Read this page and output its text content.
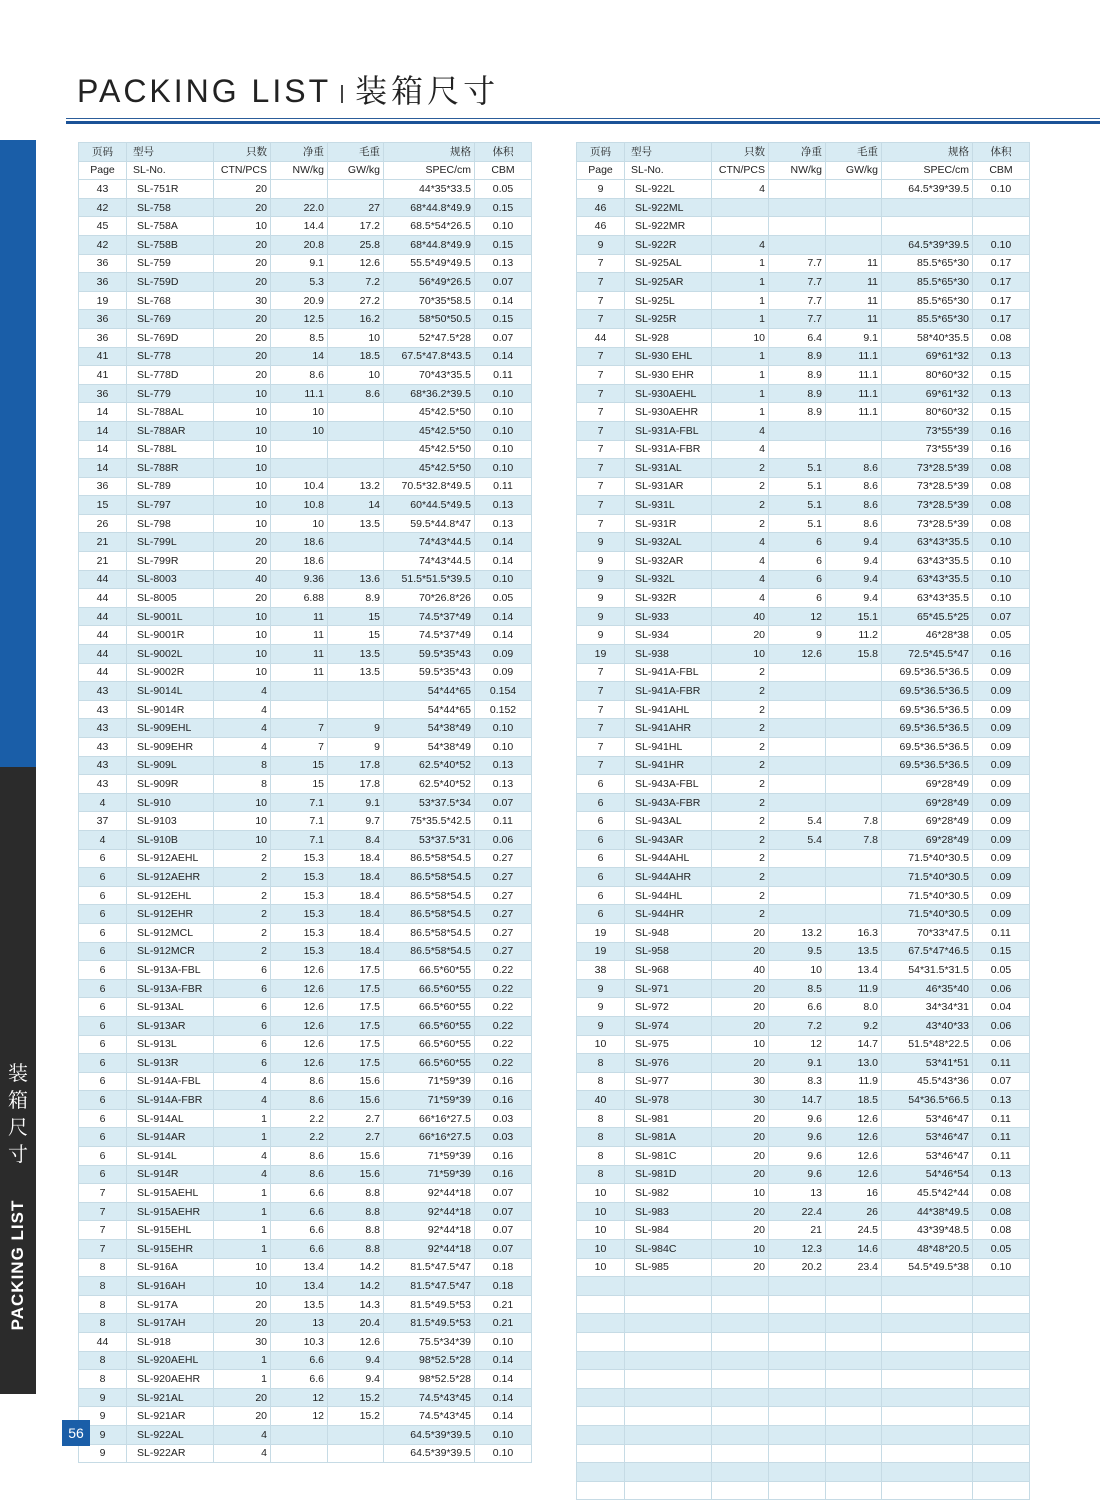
PACKING LIST 装箱尺寸
装
箱
尺
寸
PACKING LIST
页码	型号	只数	净重	毛重	规格	体积
Page	SL-No.	CTN/PCS	NW/kg	GW/kg	SPEC/cm	CBM
43	SL-751R	20			44*35*33.5	0.05
42	SL-758	20	22.0	27	68*44.8*49.9	0.15
45	SL-758A	10	14.4	17.2	68.5*54*26.5	0.10
42	SL-758B	20	20.8	25.8	68*44.8*49.9	0.15
36	SL-759	20	9.1	12.6	55.5*49*49.5	0.13
36	SL-759D	20	5.3	7.2	56*49*26.5	0.07
19	SL-768	30	20.9	27.2	70*35*58.5	0.14
36	SL-769	20	12.5	16.2	58*50*50.5	0.15
36	SL-769D	20	8.5	10	52*47.5*28	0.07
41	SL-778	20	14	18.5	67.5*47.8*43.5	0.14
41	SL-778D	20	8.6	10	70*43*35.5	0.11
36	SL-779	10	11.1	8.6	68*36.2*39.5	0.10
14	SL-788AL	10	10		45*42.5*50	0.10
14	SL-788AR	10	10		45*42.5*50	0.10
14	SL-788L	10			45*42.5*50	0.10
14	SL-788R	10			45*42.5*50	0.10
36	SL-789	10	10.4	13.2	70.5*32.8*49.5	0.11
15	SL-797	10	10.8	14	60*44.5*49.5	0.13
26	SL-798	10	10	13.5	59.5*44.8*47	0.13
21	SL-799L	20	18.6		74*43*44.5	0.14
21	SL-799R	20	18.6		74*43*44.5	0.14
44	SL-8003	40	9.36	13.6	51.5*51.5*39.5	0.10
44	SL-8005	20	6.88	8.9	70*26.8*26	0.05
44	SL-9001L	10	11	15	74.5*37*49	0.14
44	SL-9001R	10	11	15	74.5*37*49	0.14
44	SL-9002L	10	11	13.5	59.5*35*43	0.09
44	SL-9002R	10	11	13.5	59.5*35*43	0.09
43	SL-9014L	4			54*44*65	0.154
43	SL-9014R	4			54*44*65	0.152
43	SL-909EHL	4	7	9	54*38*49	0.10
43	SL-909EHR	4	7	9	54*38*49	0.10
43	SL-909L	8	15	17.8	62.5*40*52	0.13
43	SL-909R	8	15	17.8	62.5*40*52	0.13
4	SL-910	10	7.1	9.1	53*37.5*34	0.07
37	SL-9103	10	7.1	9.7	75*35.5*42.5	0.11
4	SL-910B	10	7.1	8.4	53*37.5*31	0.06
6	SL-912AEHL	2	15.3	18.4	86.5*58*54.5	0.27
6	SL-912AEHR	2	15.3	18.4	86.5*58*54.5	0.27
6	SL-912EHL	2	15.3	18.4	86.5*58*54.5	0.27
6	SL-912EHR	2	15.3	18.4	86.5*58*54.5	0.27
6	SL-912MCL	2	15.3	18.4	86.5*58*54.5	0.27
6	SL-912MCR	2	15.3	18.4	86.5*58*54.5	0.27
6	SL-913A-FBL	6	12.6	17.5	66.5*60*55	0.22
6	SL-913A-FBR	6	12.6	17.5	66.5*60*55	0.22
6	SL-913AL	6	12.6	17.5	66.5*60*55	0.22
6	SL-913AR	6	12.6	17.5	66.5*60*55	0.22
6	SL-913L	6	12.6	17.5	66.5*60*55	0.22
6	SL-913R	6	12.6	17.5	66.5*60*55	0.22
6	SL-914A-FBL	4	8.6	15.6	71*59*39	0.16
6	SL-914A-FBR	4	8.6	15.6	71*59*39	0.16
6	SL-914AL	1	2.2	2.7	66*16*27.5	0.03
6	SL-914AR	1	2.2	2.7	66*16*27.5	0.03
6	SL-914L	4	8.6	15.6	71*59*39	0.16
6	SL-914R	4	8.6	15.6	71*59*39	0.16
7	SL-915AEHL	1	6.6	8.8	92*44*18	0.07
7	SL-915AEHR	1	6.6	8.8	92*44*18	0.07
7	SL-915EHL	1	6.6	8.8	92*44*18	0.07
7	SL-915EHR	1	6.6	8.8	92*44*18	0.07
8	SL-916A	10	13.4	14.2	81.5*47.5*47	0.18
8	SL-916AH	10	13.4	14.2	81.5*47.5*47	0.18
8	SL-917A	20	13.5	14.3	81.5*49.5*53	0.21
8	SL-917AH	20	13	20.4	81.5*49.5*53	0.21
44	SL-918	30	10.3	12.6	75.5*34*39	0.10
8	SL-920AEHL	1	6.6	9.4	98*52.5*28	0.14
8	SL-920AEHR	1	6.6	9.4	98*52.5*28	0.14
9	SL-921AL	20	12	15.2	74.5*43*45	0.14
9	SL-921AR	20	12	15.2	74.5*43*45	0.14
9	SL-922AL	4			64.5*39*39.5	0.10
9	SL-922AR	4			64.5*39*39.5	0.10
页码	型号	只数	净重	毛重	规格	体积
Page	SL-No.	CTN/PCS	NW/kg	GW/kg	SPEC/cm	CBM
9	SL-922L	4			64.5*39*39.5	0.10
46	SL-922ML					
46	SL-922MR					
9	SL-922R	4			64.5*39*39.5	0.10
7	SL-925AL	1	7.7	11	85.5*65*30	0.17
7	SL-925AR	1	7.7	11	85.5*65*30	0.17
7	SL-925L	1	7.7	11	85.5*65*30	0.17
7	SL-925R	1	7.7	11	85.5*65*30	0.17
44	SL-928	10	6.4	9.1	58*40*35.5	0.08
7	SL-930 EHL	1	8.9	11.1	69*61*32	0.13
7	SL-930 EHR	1	8.9	11.1	80*60*32	0.15
7	SL-930AEHL	1	8.9	11.1	69*61*32	0.13
7	SL-930AEHR	1	8.9	11.1	80*60*32	0.15
7	SL-931A-FBL	4			73*55*39	0.16
7	SL-931A-FBR	4			73*55*39	0.16
7	SL-931AL	2	5.1	8.6	73*28.5*39	0.08
7	SL-931AR	2	5.1	8.6	73*28.5*39	0.08
7	SL-931L	2	5.1	8.6	73*28.5*39	0.08
7	SL-931R	2	5.1	8.6	73*28.5*39	0.08
9	SL-932AL	4	6	9.4	63*43*35.5	0.10
9	SL-932AR	4	6	9.4	63*43*35.5	0.10
9	SL-932L	4	6	9.4	63*43*35.5	0.10
9	SL-932R	4	6	9.4	63*43*35.5	0.10
9	SL-933	40	12	15.1	65*45.5*25	0.07
9	SL-934	20	9	11.2	46*28*38	0.05
19	SL-938	10	12.6	15.8	72.5*45.5*47	0.16
7	SL-941A-FBL	2			69.5*36.5*36.5	0.09
7	SL-941A-FBR	2			69.5*36.5*36.5	0.09
7	SL-941AHL	2			69.5*36.5*36.5	0.09
7	SL-941AHR	2			69.5*36.5*36.5	0.09
7	SL-941HL	2			69.5*36.5*36.5	0.09
7	SL-941HR	2			69.5*36.5*36.5	0.09
6	SL-943A-FBL	2			69*28*49	0.09
6	SL-943A-FBR	2			69*28*49	0.09
6	SL-943AL	2	5.4	7.8	69*28*49	0.09
6	SL-943AR	2	5.4	7.8	69*28*49	0.09
6	SL-944AHL	2			71.5*40*30.5	0.09
6	SL-944AHR	2			71.5*40*30.5	0.09
6	SL-944HL	2			71.5*40*30.5	0.09
6	SL-944HR	2			71.5*40*30.5	0.09
19	SL-948	20	13.2	16.3	70*33*47.5	0.11
19	SL-958	20	9.5	13.5	67.5*47*46.5	0.15
38	SL-968	40	10	13.4	54*31.5*31.5	0.05
9	SL-971	20	8.5	11.9	46*35*40	0.06
9	SL-972	20	6.6	8.0	34*34*31	0.04
9	SL-974	20	7.2	9.2	43*40*33	0.06
10	SL-975	10	12	14.7	51.5*48*22.5	0.06
8	SL-976	20	9.1	13.0	53*41*51	0.11
8	SL-977	30	8.3	11.9	45.5*43*36	0.07
40	SL-978	30	14.7	18.5	54*36.5*66.5	0.13
8	SL-981	20	9.6	12.6	53*46*47	0.11
8	SL-981A	20	9.6	12.6	53*46*47	0.11
8	SL-981C	20	9.6	12.6	53*46*47	0.11
8	SL-981D	20	9.6	12.6	54*46*54	0.13
10	SL-982	10	13	16	45.5*42*44	0.08
10	SL-983	20	22.4	26	44*38*49.5	0.08
10	SL-984	20	21	24.5	43*39*48.5	0.08
10	SL-984C	10	12.3	14.6	48*48*20.5	0.05
10	SL-985	20	20.2	23.4	54.5*49.5*38	0.10

56
